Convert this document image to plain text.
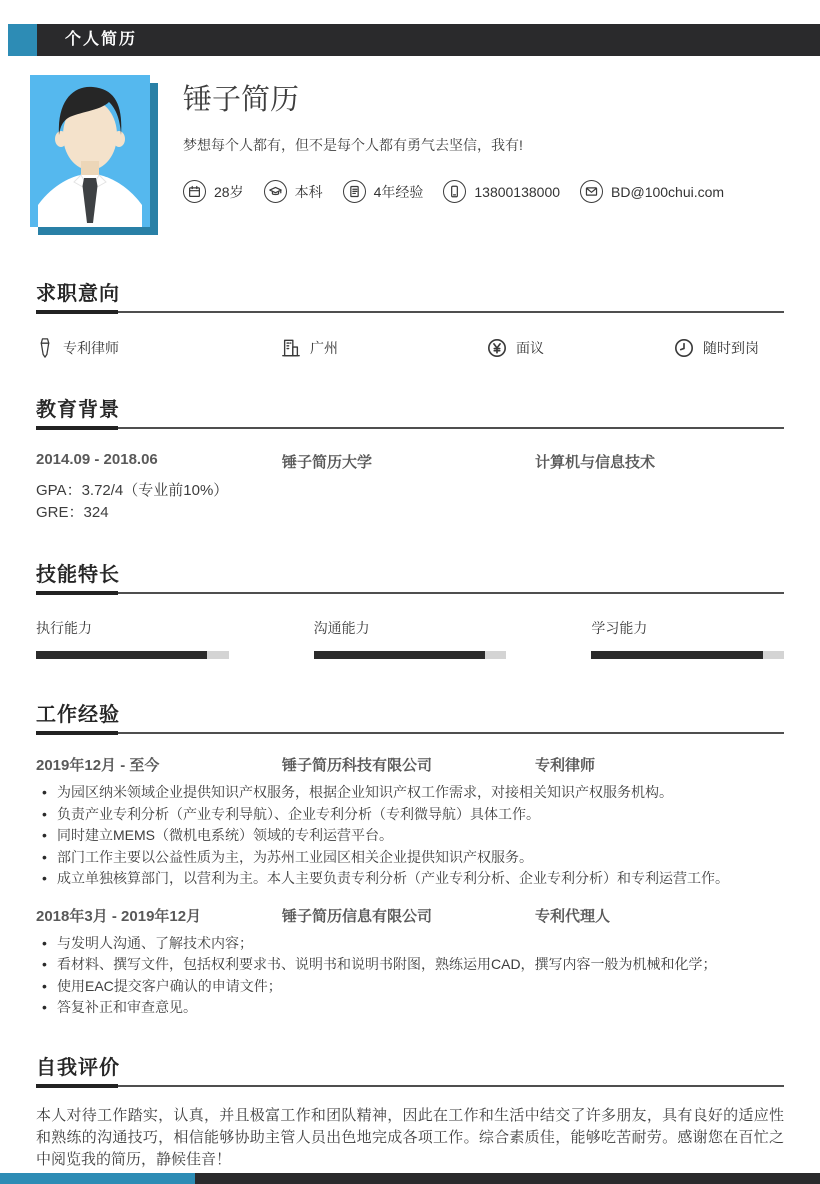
个人简历
锤子简历
梦想每个人都有，但不是每个人都有勇气去坚信，我有!
28岁	本科	4年经验	13800138000	BD@100chui.com
求职意向
专利律师	广州	面议	随时到岗
教育背景
2014.09 - 2018.06	锤子简历大学	计算机与信息技术
GPA：3.72/4（专业前10%）
GRE：324
技能特长
执行能力	沟通能力	学习能力
工作经验
2019年12月 - 至今	锤子简历科技有限公司	专利律师
• 为园区纳米领域企业提供知识产权服务，根据企业知识产权工作需求，对接相关知识产权服务机构。
• 负责产业专利分析（产业专利导航）、企业专利分析（专利微导航）具体工作。
• 同时建立MEMS（微机电系统）领域的专利运营平台。
• 部门工作主要以公益性质为主，为苏州工业园区相关企业提供知识产权服务。
• 成立单独核算部门，以营利为主。本人主要负责专利分析（产业专利分析、企业专利分析）和专利运营工作。
2018年3月 - 2019年12月	锤子简历信息有限公司	专利代理人
• 与发明人沟通、了解技术内容；
• 看材料、撰写文件，包括权利要求书、说明书和说明书附图，熟练运用CAD，撰写内容一般为机械和化学；
• 使用EAC提交客户确认的申请文件；
• 答复补正和审查意见。
自我评价

本人对待工作踏实，认真，并且极富工作和团队精神，因此在工作和生活中结交了许多朋友，具有良好的适应性和熟练的沟通技巧，相信能够协助主管人员出色地完成各项工作。综合素质佳，能够吃苦耐劳。感谢您在百忙之中阅览我的简历，静候佳音！
